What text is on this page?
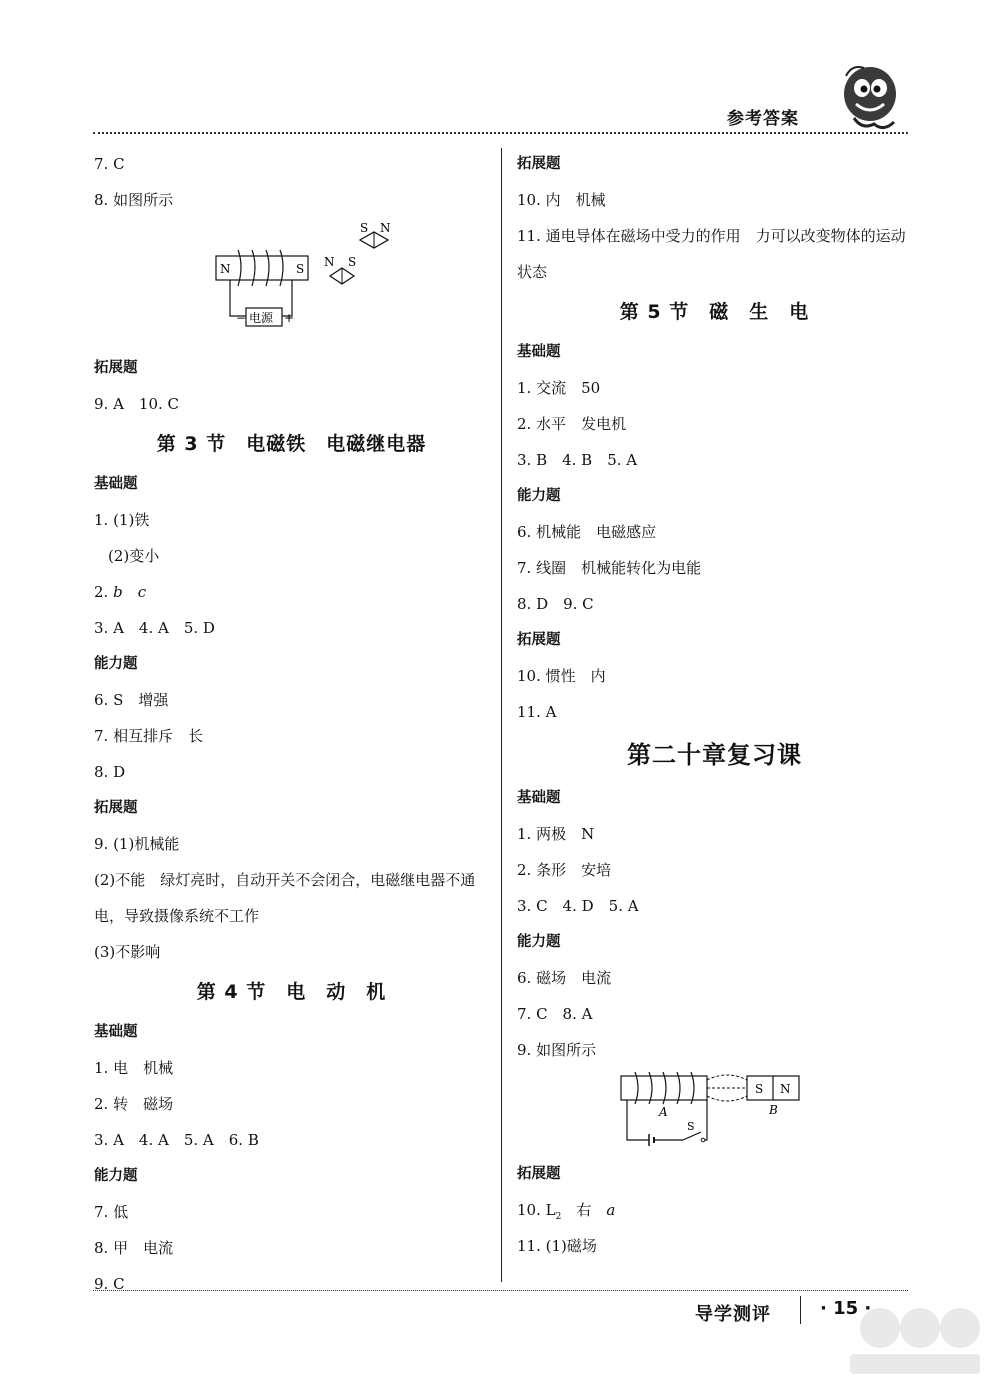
参考答案
7. C
8. 如图所示
S N
N	S
电源
−	+
N S
拓展题
9. A　10. C
第 3 节　电磁铁　电磁继电器
基础题
1. (1)铁
(2)变小
2. b　 c
3. A　4. A　5. D
能力题
6. S　增强
7. 相互排斥　长
8. D
拓展题
9. (1)机械能
(2)不能　绿灯亮时，自动开关不会闭合，电磁继电器不通电，导致摄像系统不工作
(3)不影响
第 4 节　电　动　机
基础题
1. 电　机械
2. 转　磁场
3. A　4. A　5. A　6. B
能力题
7. 低
8. 甲　电流
9. C
拓展题
10. 内　机械
11. 通电导体在磁场中受力的作用　力可以改变物体的运动状态
第 5 节　磁　生　电
基础题
1. 交流　50
2. 水平　发电机
3. B　4. B　5. A
能力题
6. 机械能　电磁感应
7. 线圈　机械能转化为电能
8. D　9. C
拓展题
10. 惯性　内
11. A
第二十章复习课
基础题
1. 两极　N
2. 条形　安培
3. C　4. D　5. A
能力题
6. 磁场　电流
7. C　8. A
9. 如图所示
S N
A	B
S
拓展题
10. $L_2$　右　a
11. (1)磁场
导学测评	· 15 ·
